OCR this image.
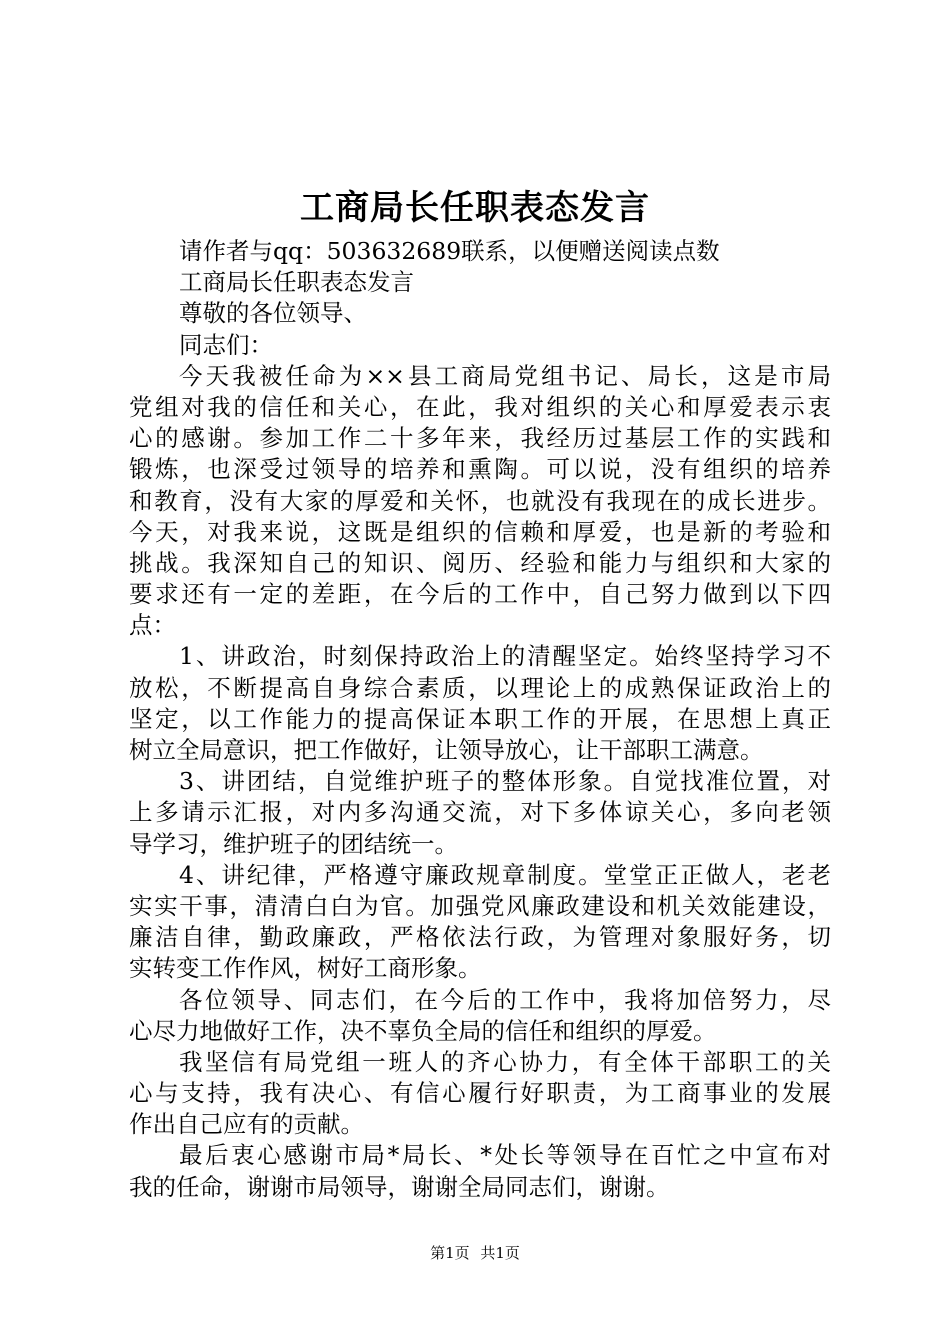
工商局长任职表态发言
请作者与qq：503632689联系，以便赠送阅读点数
工商局长任职表态发言
尊敬的各位领导、
同志们：
今天我被任命为××县工商局党组书记、局长，这是市局
党组对我的信任和关心，在此，我对组织的关心和厚爱表示衷
心的感谢。参加工作二十多年来，我经历过基层工作的实践和
锻炼，也深受过领导的培养和熏陶。可以说，没有组织的培养
和教育，没有大家的厚爱和关怀，也就没有我现在的成长进步。
今天，对我来说，这既是组织的信赖和厚爱，也是新的考验和
挑战。我深知自己的知识、阅历、经验和能力与组织和大家的
要求还有一定的差距，在今后的工作中，自己努力做到以下四
点：
1、讲政治，时刻保持政治上的清醒坚定。始终坚持学习不
放松，不断提高自身综合素质，以理论上的成熟保证政治上的
坚定，以工作能力的提高保证本职工作的开展，在思想上真正
树立全局意识，把工作做好，让领导放心，让干部职工满意。
3、讲团结，自觉维护班子的整体形象。自觉找准位置，对
上多请示汇报，对内多沟通交流，对下多体谅关心，多向老领
导学习，维护班子的团结统一。
4、讲纪律，严格遵守廉政规章制度。堂堂正正做人，老老
实实干事，清清白白为官。加强党风廉政建设和机关效能建设，
廉洁自律，勤政廉政，严格依法行政，为管理对象服好务，切
实转变工作作风，树好工商形象。
各位领导、同志们，在今后的工作中，我将加倍努力，尽
心尽力地做好工作，决不辜负全局的信任和组织的厚爱。
我坚信有局党组一班人的齐心协力，有全体干部职工的关
心与支持，我有决心、有信心履行好职责，为工商事业的发展
作出自己应有的贡献。
最后衷心感谢市局*局长、*处长等领导在百忙之中宣布对
我的任命，谢谢市局领导，谢谢全局同志们，谢谢。
第1页 共1页
